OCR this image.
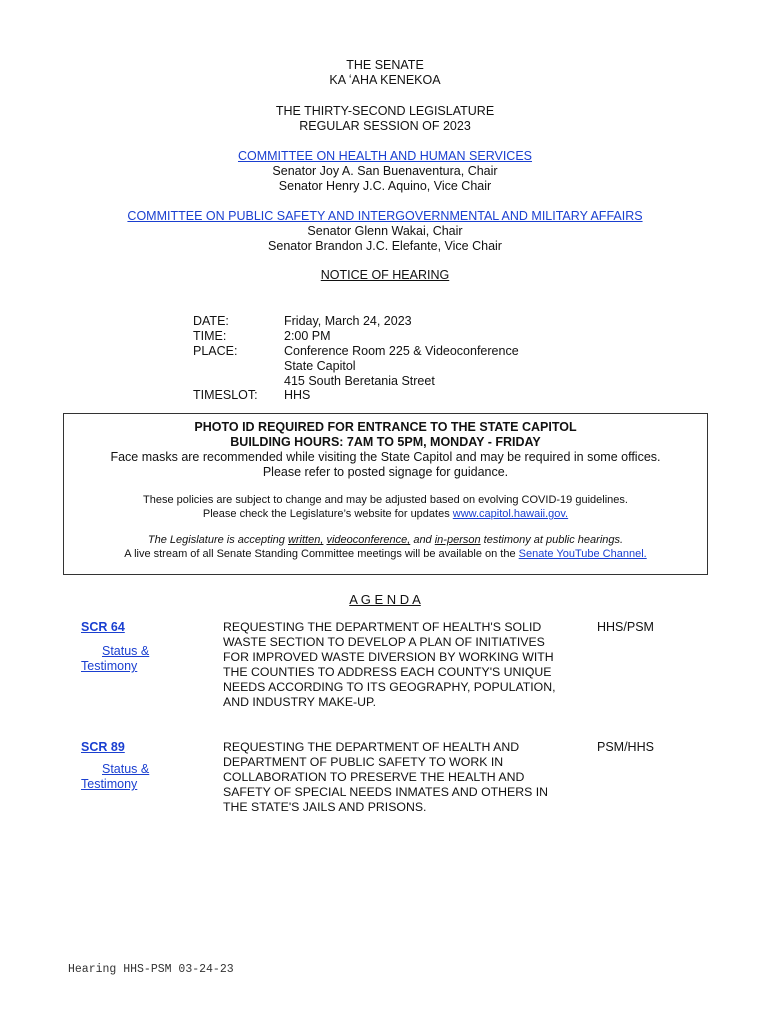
THE SENATE
KA ʻAHA KENEKOA
THE THIRTY-SECOND LEGISLATURE
REGULAR SESSION OF 2023
COMMITTEE ON HEALTH AND HUMAN SERVICES
Senator Joy A. San Buenaventura, Chair
Senator Henry J.C. Aquino, Vice Chair
COMMITTEE ON PUBLIC SAFETY AND INTERGOVERNMENTAL AND MILITARY AFFAIRS
Senator Glenn Wakai, Chair
Senator Brandon J.C. Elefante, Vice Chair
NOTICE OF HEARING
DATE:	Friday, March 24, 2023
TIME:	2:00 PM
PLACE:	Conference Room 225 & Videoconference
State Capitol
415 South Beretania Street
TIMESLOT: HHS
PHOTO ID REQUIRED FOR ENTRANCE TO THE STATE CAPITOL
BUILDING HOURS: 7AM TO 5PM, MONDAY - FRIDAY
Face masks are recommended while visiting the State Capitol and may be required in some offices.
Please refer to posted signage for guidance.
These policies are subject to change and may be adjusted based on evolving COVID-19 guidelines.
Please check the Legislature’s website for updates www.capitol.hawaii.gov.
The Legislature is accepting written, videoconference, and in-person testimony at public hearings.
A live stream of all Senate Standing Committee meetings will be available on the Senate YouTube Channel.
A G E N D A
SCR 64
Status &
Testimony
REQUESTING THE DEPARTMENT OF HEALTH'S SOLID
WASTE SECTION TO DEVELOP A PLAN OF INITIATIVES
FOR IMPROVED WASTE DIVERSION BY WORKING WITH
THE COUNTIES TO ADDRESS EACH COUNTY'S UNIQUE
NEEDS ACCORDING TO ITS GEOGRAPHY, POPULATION,
AND INDUSTRY MAKE-UP.
HHS/PSM
SCR 89
Status &
Testimony
REQUESTING THE DEPARTMENT OF HEALTH AND
DEPARTMENT OF PUBLIC SAFETY TO WORK IN
COLLABORATION TO PRESERVE THE HEALTH AND
SAFETY OF SPECIAL NEEDS INMATES AND OTHERS IN
THE STATE'S JAILS AND PRISONS.
PSM/HHS
Hearing HHS-PSM 03-24-23
